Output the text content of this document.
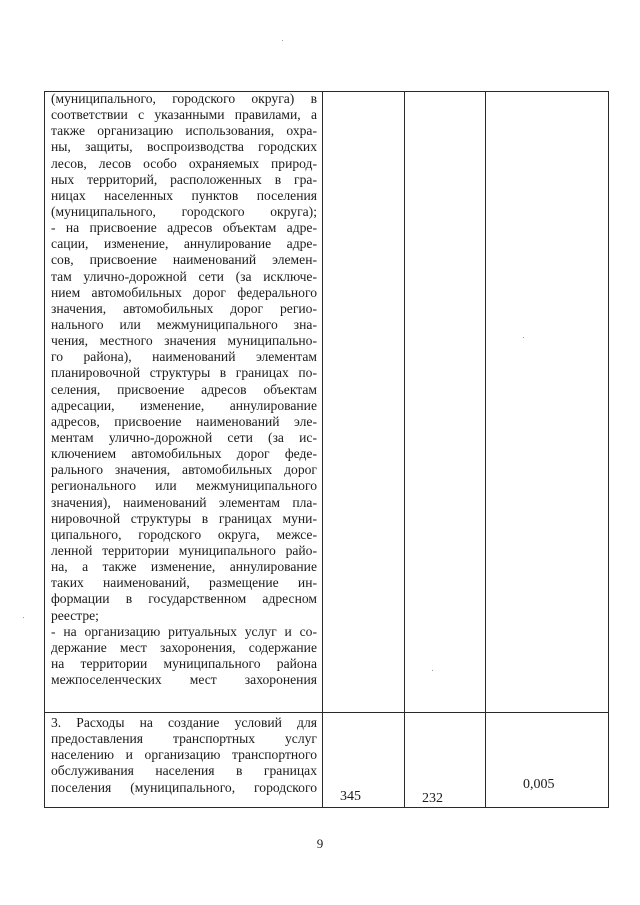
(муниципального, городского округа) в
соответствии с указанными правилами, а
также организацию использования, охра-
ны, защиты, воспроизводства городских
лесов, лесов особо охраняемых природ-
ных территорий, расположенных в гра-
ницах населенных пунктов поселения
(муниципального, городского округа);
- на присвоение адресов объектам адре-
сации, изменение, аннулирование адре-
сов, присвоение наименований элемен-
там улично-дорожной сети (за исключе-
нием автомобильных дорог федерального
значения, автомобильных дорог регио-
нального или межмуниципального зна-
чения, местного значения муниципально-
го района), наименований элементам
планировочной структуры в границах по-
селения, присвоение адресов объектам
адресации, изменение, аннулирование
адресов, присвоение наименований эле-
ментам улично-дорожной сети (за ис-
ключением автомобильных дорог феде-
рального значения, автомобильных дорог
регионального или межмуниципального
значения), наименований элементам пла-
нировочной структуры в границах муни-
ципального, городского округа, межсе-
ленной территории муниципального райо-
на, а также изменение, аннулирование
таких наименований, размещение ин-
формации в государственном адресном
реестре;
- на организацию ритуальных услуг и со-
держание мест захоронения, содержание
на территории муниципального района
межпоселенческих мест захоронения
3. Расходы на создание условий для
предоставления транспортных услуг
населению и организацию транспортного
обслуживания населения в границах
поселения (муниципального, городского
345	232
0,005
9
